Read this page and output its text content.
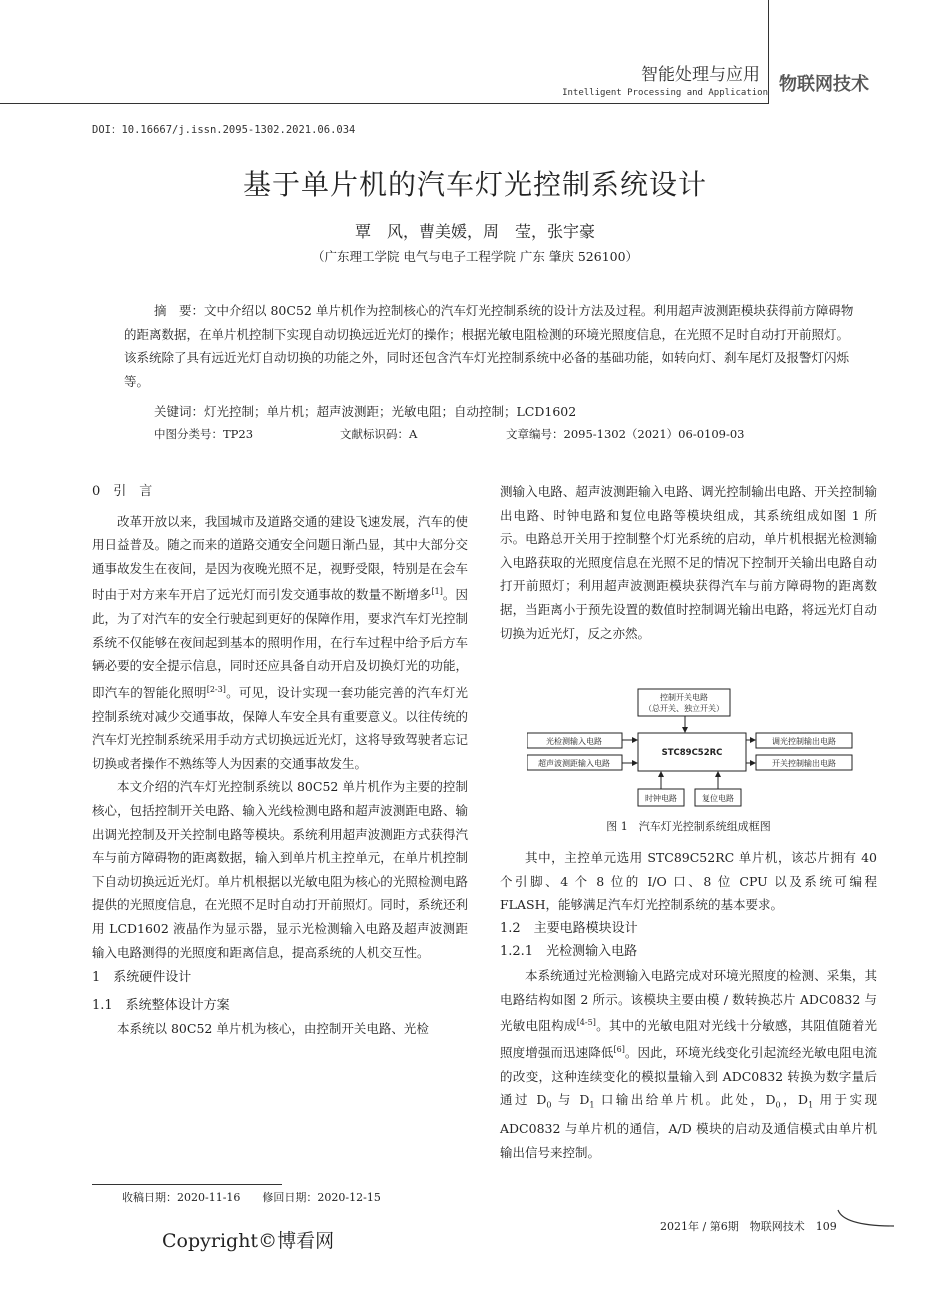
智能处理与应用
Intelligent Processing and Application 物联网技术
DOI：10.16667/j.issn.2095-1302.2021.06.034
基于单片机的汽车灯光控制系统设计
覃　风，曹美媛，周　莹，张宇豪
（广东理工学院 电气与电子工程学院 广东 肇庆 526100）
摘　要：文中介绍以 80C52 单片机作为控制核心的汽车灯光控制系统的设计方法及过程。利用超声波测距模块获得前方障碍物的距离数据，在单片机控制下实现自动切换远近光灯的操作；根据光敏电阻检测的环境光照度信息，在光照不足时自动打开前照灯。该系统除了具有远近光灯自动切换的功能之外，同时还包含汽车灯光控制系统中必备的基础功能，如转向灯、刹车尾灯及报警灯闪烁等。
关键词：灯光控制；单片机；超声波测距；光敏电阻；自动控制；LCD1602
中图分类号：TP23	文献标识码：A	文章编号：2095-1302（2021）06-0109-03
0　引　言

改革开放以来，我国城市及道路交通的建设飞速发展，汽车的使用日益普及。随之而来的道路交通安全问题日渐凸显，其中大部分交通事故发生在夜间，是因为夜晚光照不足，视野受限，特别是在会车时由于对方来车开启了远光灯而引发交通事故的数量不断增多[1]。因此，为了对汽车的安全行驶起到更好的保障作用，要求汽车灯光控制系统不仅能够在夜间起到基本的照明作用，在行车过程中给予后方车辆必要的安全提示信息，同时还应具备自动开启及切换灯光的功能，即汽车的智能化照明[2-3]。可见，设计实现一套功能完善的汽车灯光控制系统对减少交通事故，保障人车安全具有重要意义。以往传统的汽车灯光控制系统采用手动方式切换远近光灯，这将导致驾驶者忘记切换或者操作不熟练等人为因素的交通事故发生。

本文介绍的汽车灯光控制系统以 80C52 单片机作为主要的控制核心，包括控制开关电路、输入光线检测电路和超声波测距电路、输出调光控制及开关控制电路等模块。系统利用超声波测距方式获得汽车与前方障碍物的距离数据，输入到单片机主控单元，在单片机控制下自动切换远近光灯。单片机根据以光敏电阻为核心的光照检测电路提供的光照度信息，在光照不足时自动打开前照灯。同时，系统还利用 LCD1602 液晶作为显示器，显示光检测输入电路及超声波测距输入电路测得的光照度和距离信息，提高系统的人机交互性。

1　系统硬件设计
1.1　系统整体设计方案

本系统以 80C52 单片机为核心，由控制开关电路、光检

测输入电路、超声波测距输入电路、调光控制输出电路、开关控制输出电路、时钟电路和复位电路等模块组成，其系统组成如图 1 所示。电路总开关用于控制整个灯光系统的启动，单片机根据光检测输入电路获取的光照度信息在光照不足的情况下控制开关输出电路自动打开前照灯；利用超声波测距模块获得汽车与前方障碍物的距离数据，当距离小于预先设置的数值时控制调光输出电路，将远光灯自动切换为近光灯，反之亦然。

控制开关电路
（总开关、独立开关）
STC89C52RC
光检测输入电路
超声波测距输入电路
调光控制输出电路
开关控制输出电路
时钟电路	复位电路
图 1　汽车灯光控制系统组成框图

其中，主控单元选用 STC89C52RC 单片机，该芯片拥有 40 个引脚、4 个 8 位的 I/O 口、8 位 CPU 以及系统可编程 FLASH，能够满足汽车灯光控制系统的基本要求。

1.2　主要电路模块设计
1.2.1　光检测输入电路

本系统通过光检测输入电路完成对环境光照度的检测、采集，其电路结构如图 2 所示。该模块主要由模 / 数转换芯片 ADC0832 与光敏电阻构成[4-5]。其中的光敏电阻对光线十分敏感，其阻值随着光照度增强而迅速降低[6]。因此，环境光线变化引起流经光敏电阻电流的改变，这种连续变化的模拟量输入到 ADC0832 转换为数字量后通过 $D_0$ 与 $D_1$ 口输出给单片机。此处，$D_0$，$D_1$ 用于实现 ADC0832 与单片机的通信，A/D 模块的启动及通信模式由单片机输出信号来控制。

收稿日期：2020-11-16　　修回日期：2020-12-15
Copyright©博看网
2021年 / 第6期　物联网技术　109
